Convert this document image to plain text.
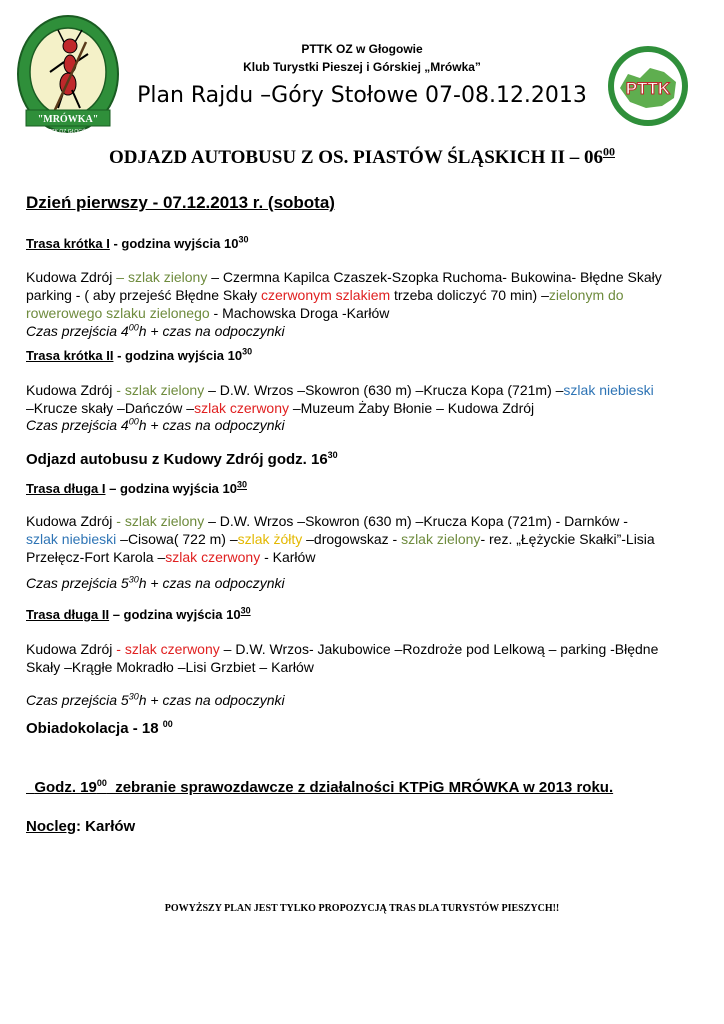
"MRÓWKA"
PTTK OZ GŁOGÓW
PTTK
PTTK OZ w Głogowie
Klub Turystki Pieszej i Górskiej „Mrówka”
Plan Rajdu –Góry Stołowe 07-08.12.2013
ODJAZD AUTOBUSU Z OS. PIASTÓW ŚLĄSKICH II – $06^{00}$
Dzień pierwszy - 07.12.2013 r. (sobota)
Trasa krótka I - godzina wyjścia $10^{30}$
Kudowa Zdrój – szlak zielony – Czermna Kapilca Czaszek-Szopka Ruchoma- Bukowina- Błędne Skały
parking - ( aby przejeść Błędne Skały czerwonym szlakiem trzeba doliczyć 70 min) –zielonym do
rowerowego szlaku zielonego - Machowska Droga -Karłów
Czas przejścia $4^{00}h$ + czas na odpoczynki
Trasa krótka II - godzina wyjścia $10^{30}$
Kudowa Zdrój - szlak zielony – D.W. Wrzos –Skowron (630 m) –Krucza Kopa (721m) –szlak niebieski
–Krucze skały –Dańczów –szlak czerwony –Muzeum Żaby Błonie – Kudowa Zdrój
Czas przejścia $4^{00}h$ + czas na odpoczynki
Odjazd autobusu z Kudowy Zdrój godz. $16^{30}$
Trasa długa I – godzina wyjścia $10^{30}$
Kudowa Zdrój - szlak zielony – D.W. Wrzos –Skowron (630 m) –Krucza Kopa (721m) - Darnków -
szlak niebieski –Cisowa( 722 m) –szlak żółty –drogowskaz - szlak zielony- rez. „Łężyckie Skałki”-Lisia
Przełęcz-Fort Karola –szlak czerwony - Karłów
Czas przejścia $5^{30}h$ + czas na odpoczynki
Trasa długa II – godzina wyjścia $10^{30}$
Kudowa Zdrój - szlak czerwony – D.W. Wrzos- Jakubowice –Rozdroże pod Lelkową – parking -Błędne
Skały –Krągłe Mokradło –Lisi Grzbiet – Karłów
Czas przejścia $5^{30}h$ + czas na odpoczynki
Obiadokolacja - 18 $^{00}$

Godz. $19^{00}$  zebranie sprawozdawcze z działalności KTPiG MRÓWKA w 2013 roku.

Nocleg: Karłów
POWYŻSZY PLAN JEST TYLKO PROPOZYCJĄ TRAS DLA TURYSTÓW PIESZYCH!!
